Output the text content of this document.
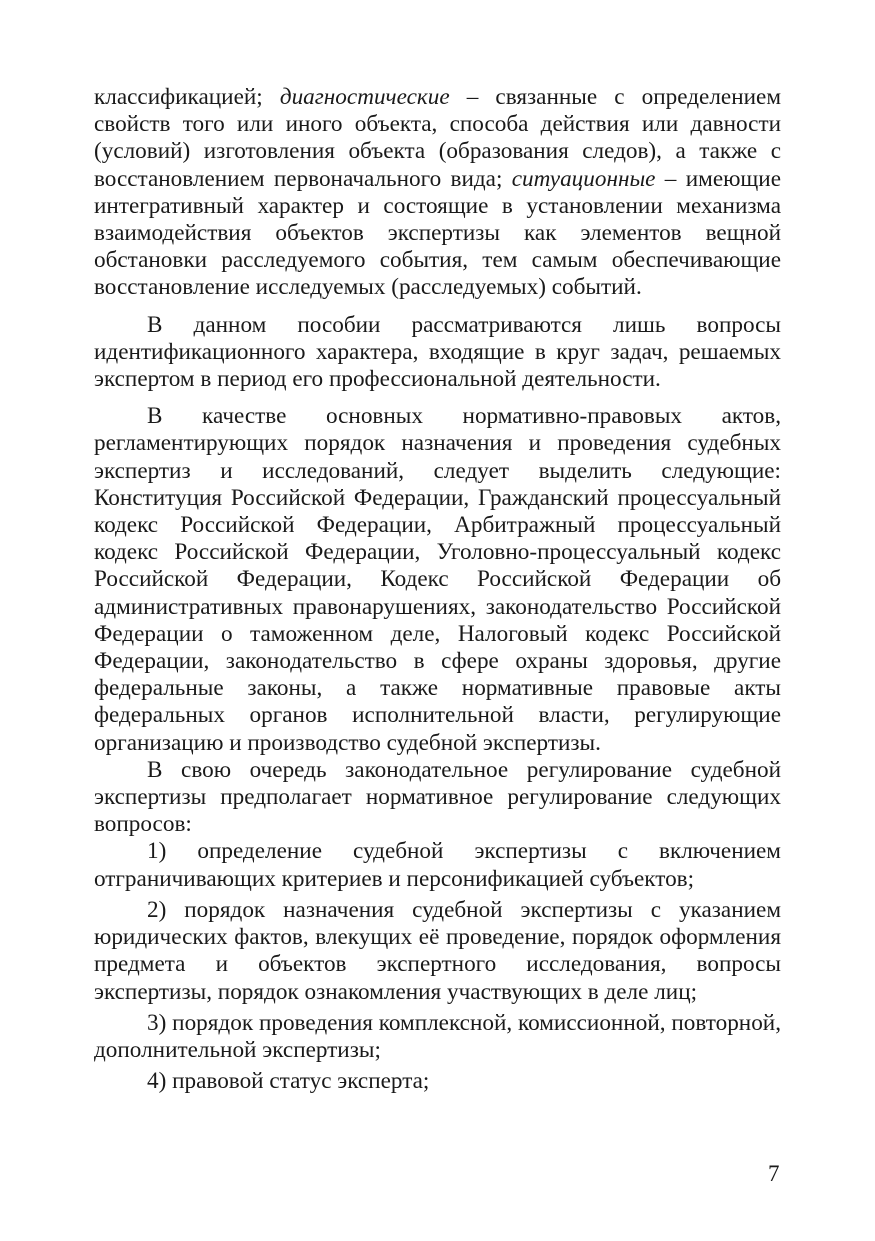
классификацией; диагностические – связанные с определением свойств того или иного объекта, способа действия или давности (условий) изготовления объекта (образования следов), а также с восстановлением первоначального вида; ситуационные – имеющие интегративный характер и состоящие в установлении механизма взаимодействия объектов экспертизы как элементов вещной обстановки расследуемого события, тем самым обеспечивающие восстановление исследуемых (расследуемых) событий.

В данном пособии рассматриваются лишь вопросы идентификационного характера, входящие в круг задач, решаемых экспертом в период его профессиональной деятельности.

В качестве основных нормативно-правовых актов, регламентирующих порядок назначения и проведения судебных экспертиз и исследований, следует выделить следующие: Конституция Российской Федерации, Гражданский процессуальный кодекс Российской Федерации, Арбитражный процессуальный кодекс Российской Федерации, Уголовно-процессуальный кодекс Российской Федерации, Кодекс Российской Федерации об административных правонарушениях, законодательство Российской Федерации о таможенном деле, Налоговый кодекс Российской Федерации, законодательство в сфере охраны здоровья, другие федеральные законы, а также нормативные правовые акты федеральных органов исполнительной власти, регулирующие организацию и производство судебной экспертизы.

В свою очередь законодательное регулирование судебной экспертизы предполагает нормативное регулирование следующих вопросов:

1) определение судебной экспертизы с включением отграничивающих критериев и персонификацией субъектов;

2) порядок назначения судебной экспертизы с указанием юридических фактов, влекущих её проведение, порядок оформления предмета и объектов экспертного исследования, вопросы экспертизы, порядок ознакомления участвующих в деле лиц;

3) порядок проведения комплексной, комиссионной, повторной, дополнительной экспертизы;

4) правовой статус эксперта;

7
